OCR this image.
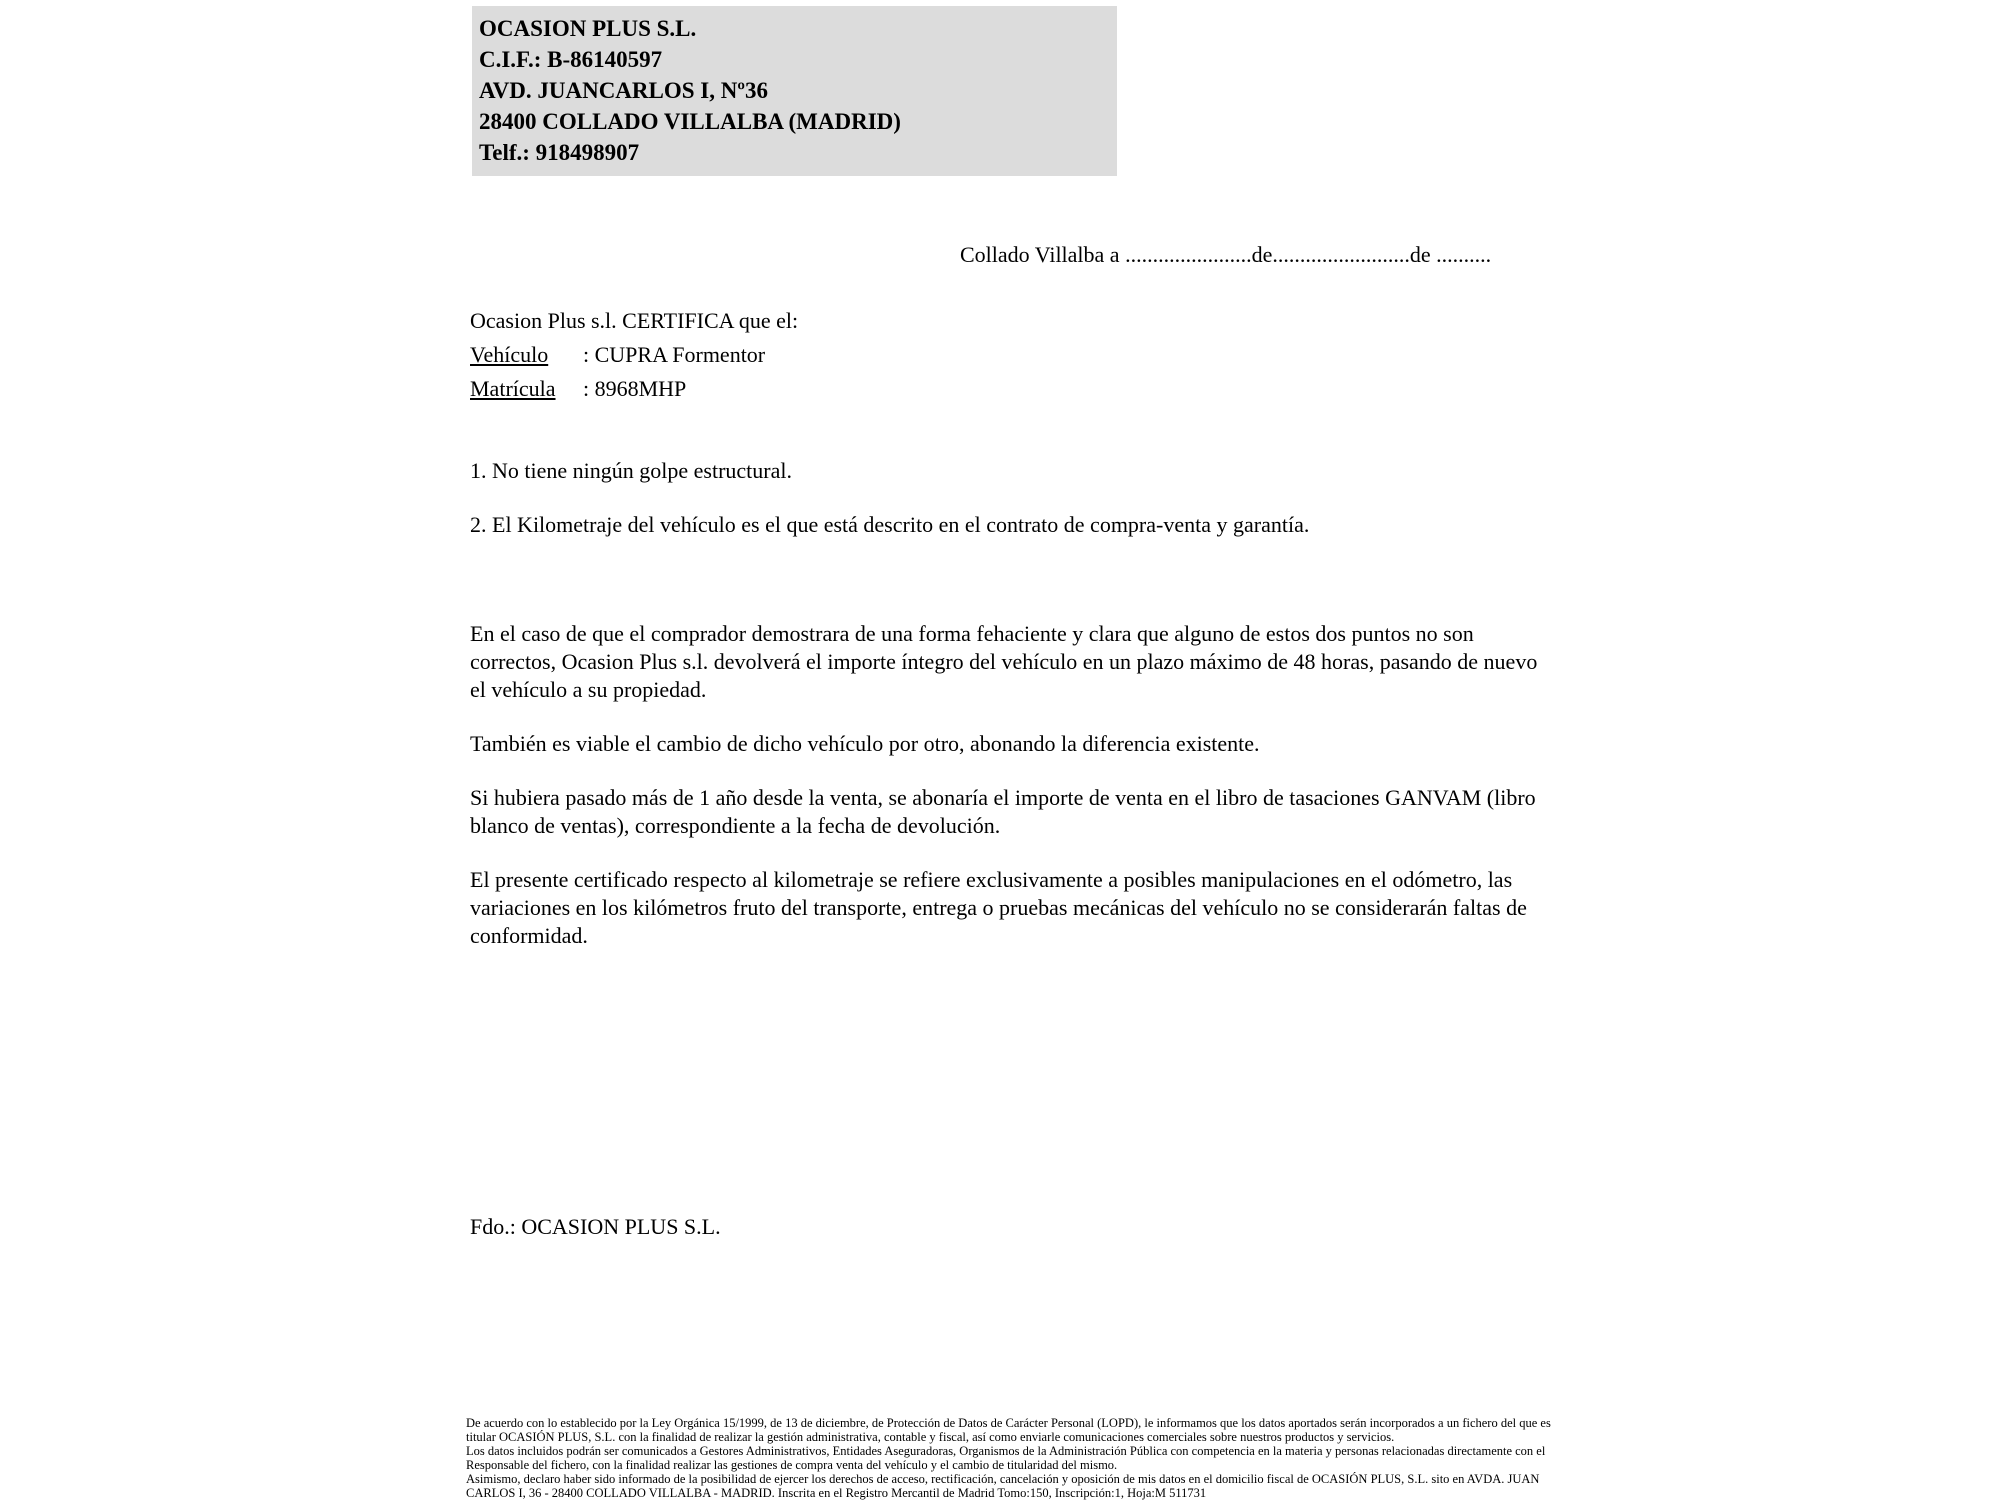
OCASION PLUS S.L.
C.I.F.: B-86140597
AVD. JUANCARLOS I, Nº36
28400 COLLADO VILLALBA (MADRID)
Telf.: 918498907
Collado Villalba a .......................de.........................de ..........
Ocasion Plus s.l. CERTIFICA que el:
Vehículo : CUPRA Formentor
Matrícula : 8968MHP

1. No tiene ningún golpe estructural.

2. El Kilometraje del vehículo es el que está descrito en el contrato de compra-venta y garantía.

En el caso de que el comprador demostrara de una forma fehaciente y clara que alguno de estos dos puntos no son correctos, Ocasion Plus s.l. devolverá el importe íntegro del vehículo en un plazo máximo de 48 horas, pasando de nuevo el vehículo a su propiedad.

También es viable el cambio de dicho vehículo por otro, abonando la diferencia existente.

Si hubiera pasado más de 1 año desde la venta, se abonaría el importe de venta en el libro de tasaciones GANVAM (libro blanco de ventas), correspondiente a la fecha de devolución.

El presente certificado respecto al kilometraje se refiere exclusivamente a posibles manipulaciones en el odómetro, las variaciones en los kilómetros fruto del transporte, entrega o pruebas mecánicas del vehículo no se considerarán faltas de conformidad.

Fdo.: OCASION PLUS S.L.

De acuerdo con lo establecido por la Ley Orgánica 15/1999, de 13 de diciembre, de Protección de Datos de Carácter Personal (LOPD), le informamos que los datos aportados serán incorporados a un fichero del que es titular OCASIÓN PLUS, S.L. con la finalidad de realizar la gestión administrativa, contable y fiscal, así como enviarle comunicaciones comerciales sobre nuestros productos y servicios.

Los datos incluidos podrán ser comunicados a Gestores Administrativos, Entidades Aseguradoras, Organismos de la Administración Pública con competencia en la materia y personas relacionadas directamente con el Responsable del fichero, con la finalidad realizar las gestiones de compra venta del vehículo y el cambio de titularidad del mismo.

Asimismo, declaro haber sido informado de la posibilidad de ejercer los derechos de acceso, rectificación, cancelación y oposición de mis datos en el domicilio fiscal de OCASIÓN PLUS, S.L. sito en AVDA. JUAN CARLOS I, 36 - 28400 COLLADO VILLALBA - MADRID. Inscrita en el Registro Mercantil de Madrid Tomo:150, Inscripción:1, Hoja:M 511731
